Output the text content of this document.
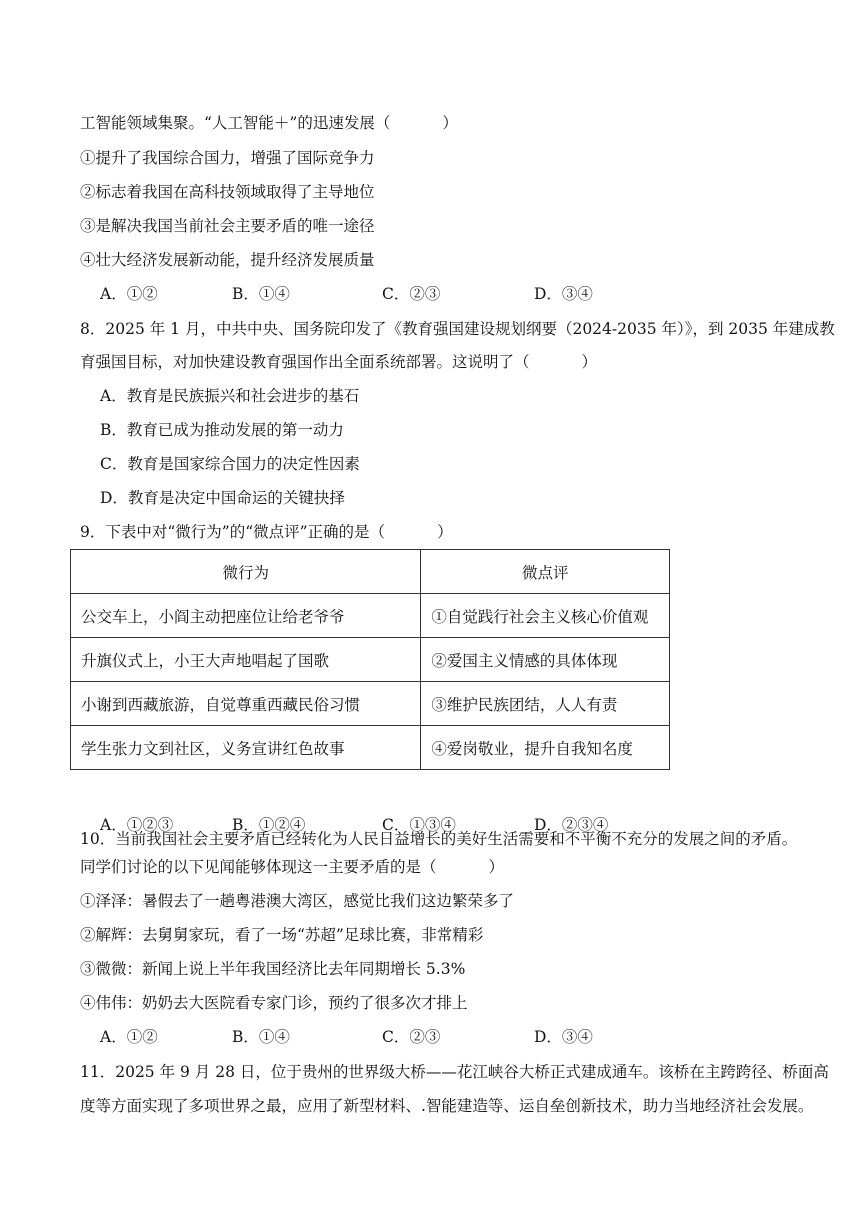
工智能领域集聚。“人工智能＋”的迅速发展（	）
①提升了我国综合国力，增强了国际竞争力
②标志着我国在高科技领域取得了主导地位
③是解决我国当前社会主要矛盾的唯一途径
④壮大经济发展新动能，提升经济发展质量
A．①②	B．①④	C．②③	D．③④
8．2025 年 1 月，中共中央、国务院印发了《教育强国建设规划纲要（2024-2035 年）》，到 2035 年建成教
育强国目标，对加快建设教育强国作出全面系统部署。这说明了（	）
A．教育是民族振兴和社会进步的基石
B．教育已成为推动发展的第一动力
C．教育是国家综合国力的决定性因素
D．教育是决定中国命运的关键抉择
9．下表中对“微行为”的“微点评”正确的是（	）
微行为	微点评
公交车上，小阎主动把座位让给老爷爷	①自觉践行社会主义核心价值观
升旗仪式上，小王大声地唱起了国歌	②爱国主义情感的具体体现
小谢到西藏旅游，自觉尊重西藏民俗习惯	③维护民族团结，人人有责
学生张力文到社区，义务宣讲红色故事	④爱岗敬业，提升自我知名度
A．①②③	B．①②④	C．①③④	D．②③④
10．当前我国社会主要矛盾已经转化为人民日益增长的美好生活需要和不平衡不充分的发展之间的矛盾。
同学们讨论的以下见闻能够体现这一主要矛盾的是（	）
①泽泽：暑假去了一趟粤港澳大湾区，感觉比我们这边繁荣多了
②解辉：去舅舅家玩，看了一场“苏超”足球比赛，非常精彩
③微微：新闻上说上半年我国经济比去年同期增长 5.3%
④伟伟：奶奶去大医院看专家门诊，预约了很多次才排上
A．①②	B．①④	C．②③	D．③④
11．2025 年 9 月 28 日，位于贵州的世界级大桥——花江峡谷大桥正式建成通车。该桥在主跨跨径、桥面高
度等方面实现了多项世界之最，应用了新型材料、.智能建造等、运自垒创新技术，助力当地经济社会发展。
